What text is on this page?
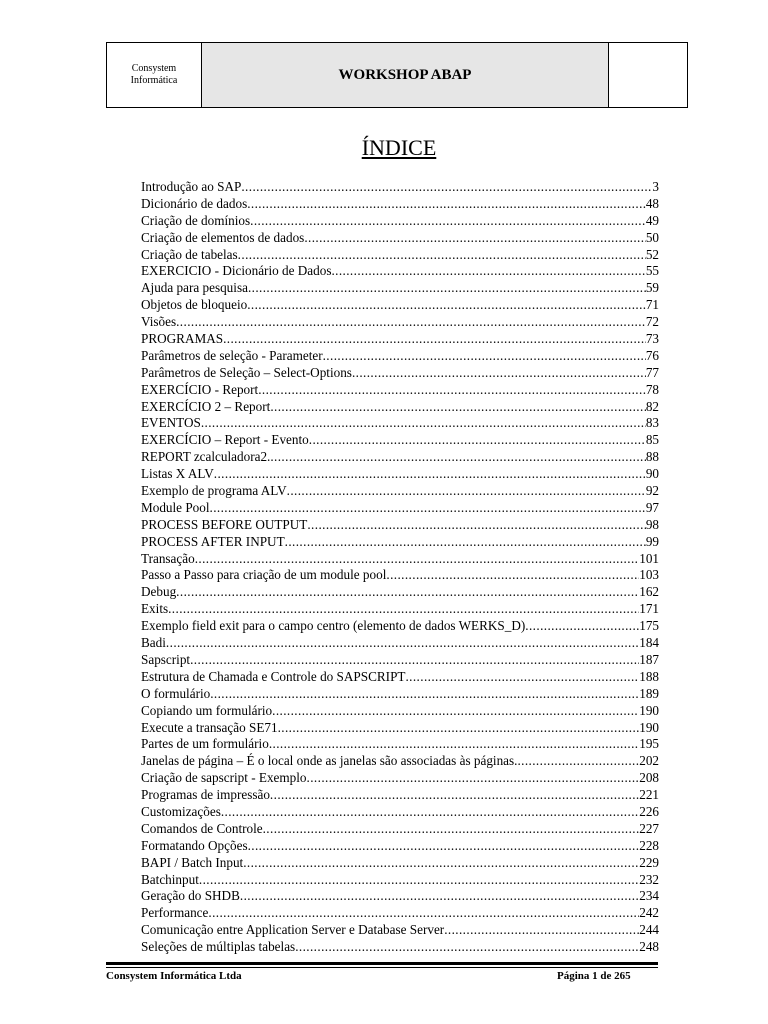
Consystem
Informática	WORKSHOP ABAP
ÍNDICE
Introdução ao SAP .....	3
Dicionário de dados .....	48
Criação de domínios .....	49
Criação de elementos de dados .....	50
Criação de tabelas .....	52
EXERCICIO - Dicionário de Dados .....	55
Ajuda para pesquisa .....	59
Objetos de bloqueio .....	71
Visões .....	72
PROGRAMAS .....	73
Parâmetros de seleção - Parameter .....	76
Parâmetros de Seleção – Select-Options .....	77
EXERCÍCIO - Report .....	78
EXERCÍCIO 2 – Report .....	82
EVENTOS .....	83
EXERCÍCIO – Report - Evento .....	85
REPORT zcalculadora2. .....	88
Listas X ALV .....	90
Exemplo de programa ALV .....	92
Module Pool .....	97
PROCESS BEFORE OUTPUT .....	98
PROCESS AFTER INPUT .....	99
Transação .....	101
Passo a Passo para criação de um module pool .....	103
Debug .....	162
Exits .....	171
Exemplo field exit para o campo centro (elemento de dados WERKS_D) .....	175
Badi .....	184
Sapscript .....	187
Estrutura de Chamada e Controle do SAPSCRIPT .....	188
O formulário .....	189
Copiando um formulário .....	190
Execute a transação SE71 .....	190
Partes de um formulário .....	195
Janelas de página – É o local onde as janelas são associadas às páginas. .....	202
Criação de sapscript - Exemplo .....	208
Programas de impressão .....	221
Customizações .....	226
Comandos de Controle .....	227
Formatando Opções .....	228
BAPI / Batch Input .....	229
Batchinput .....	232
Geração do SHDB .....	234
Performance .....	242
Comunicação entre Application Server e Database Server .....	244
Seleções de múltiplas tabelas .....	248
Consystem Informática Ltda	Página 1 de 265
